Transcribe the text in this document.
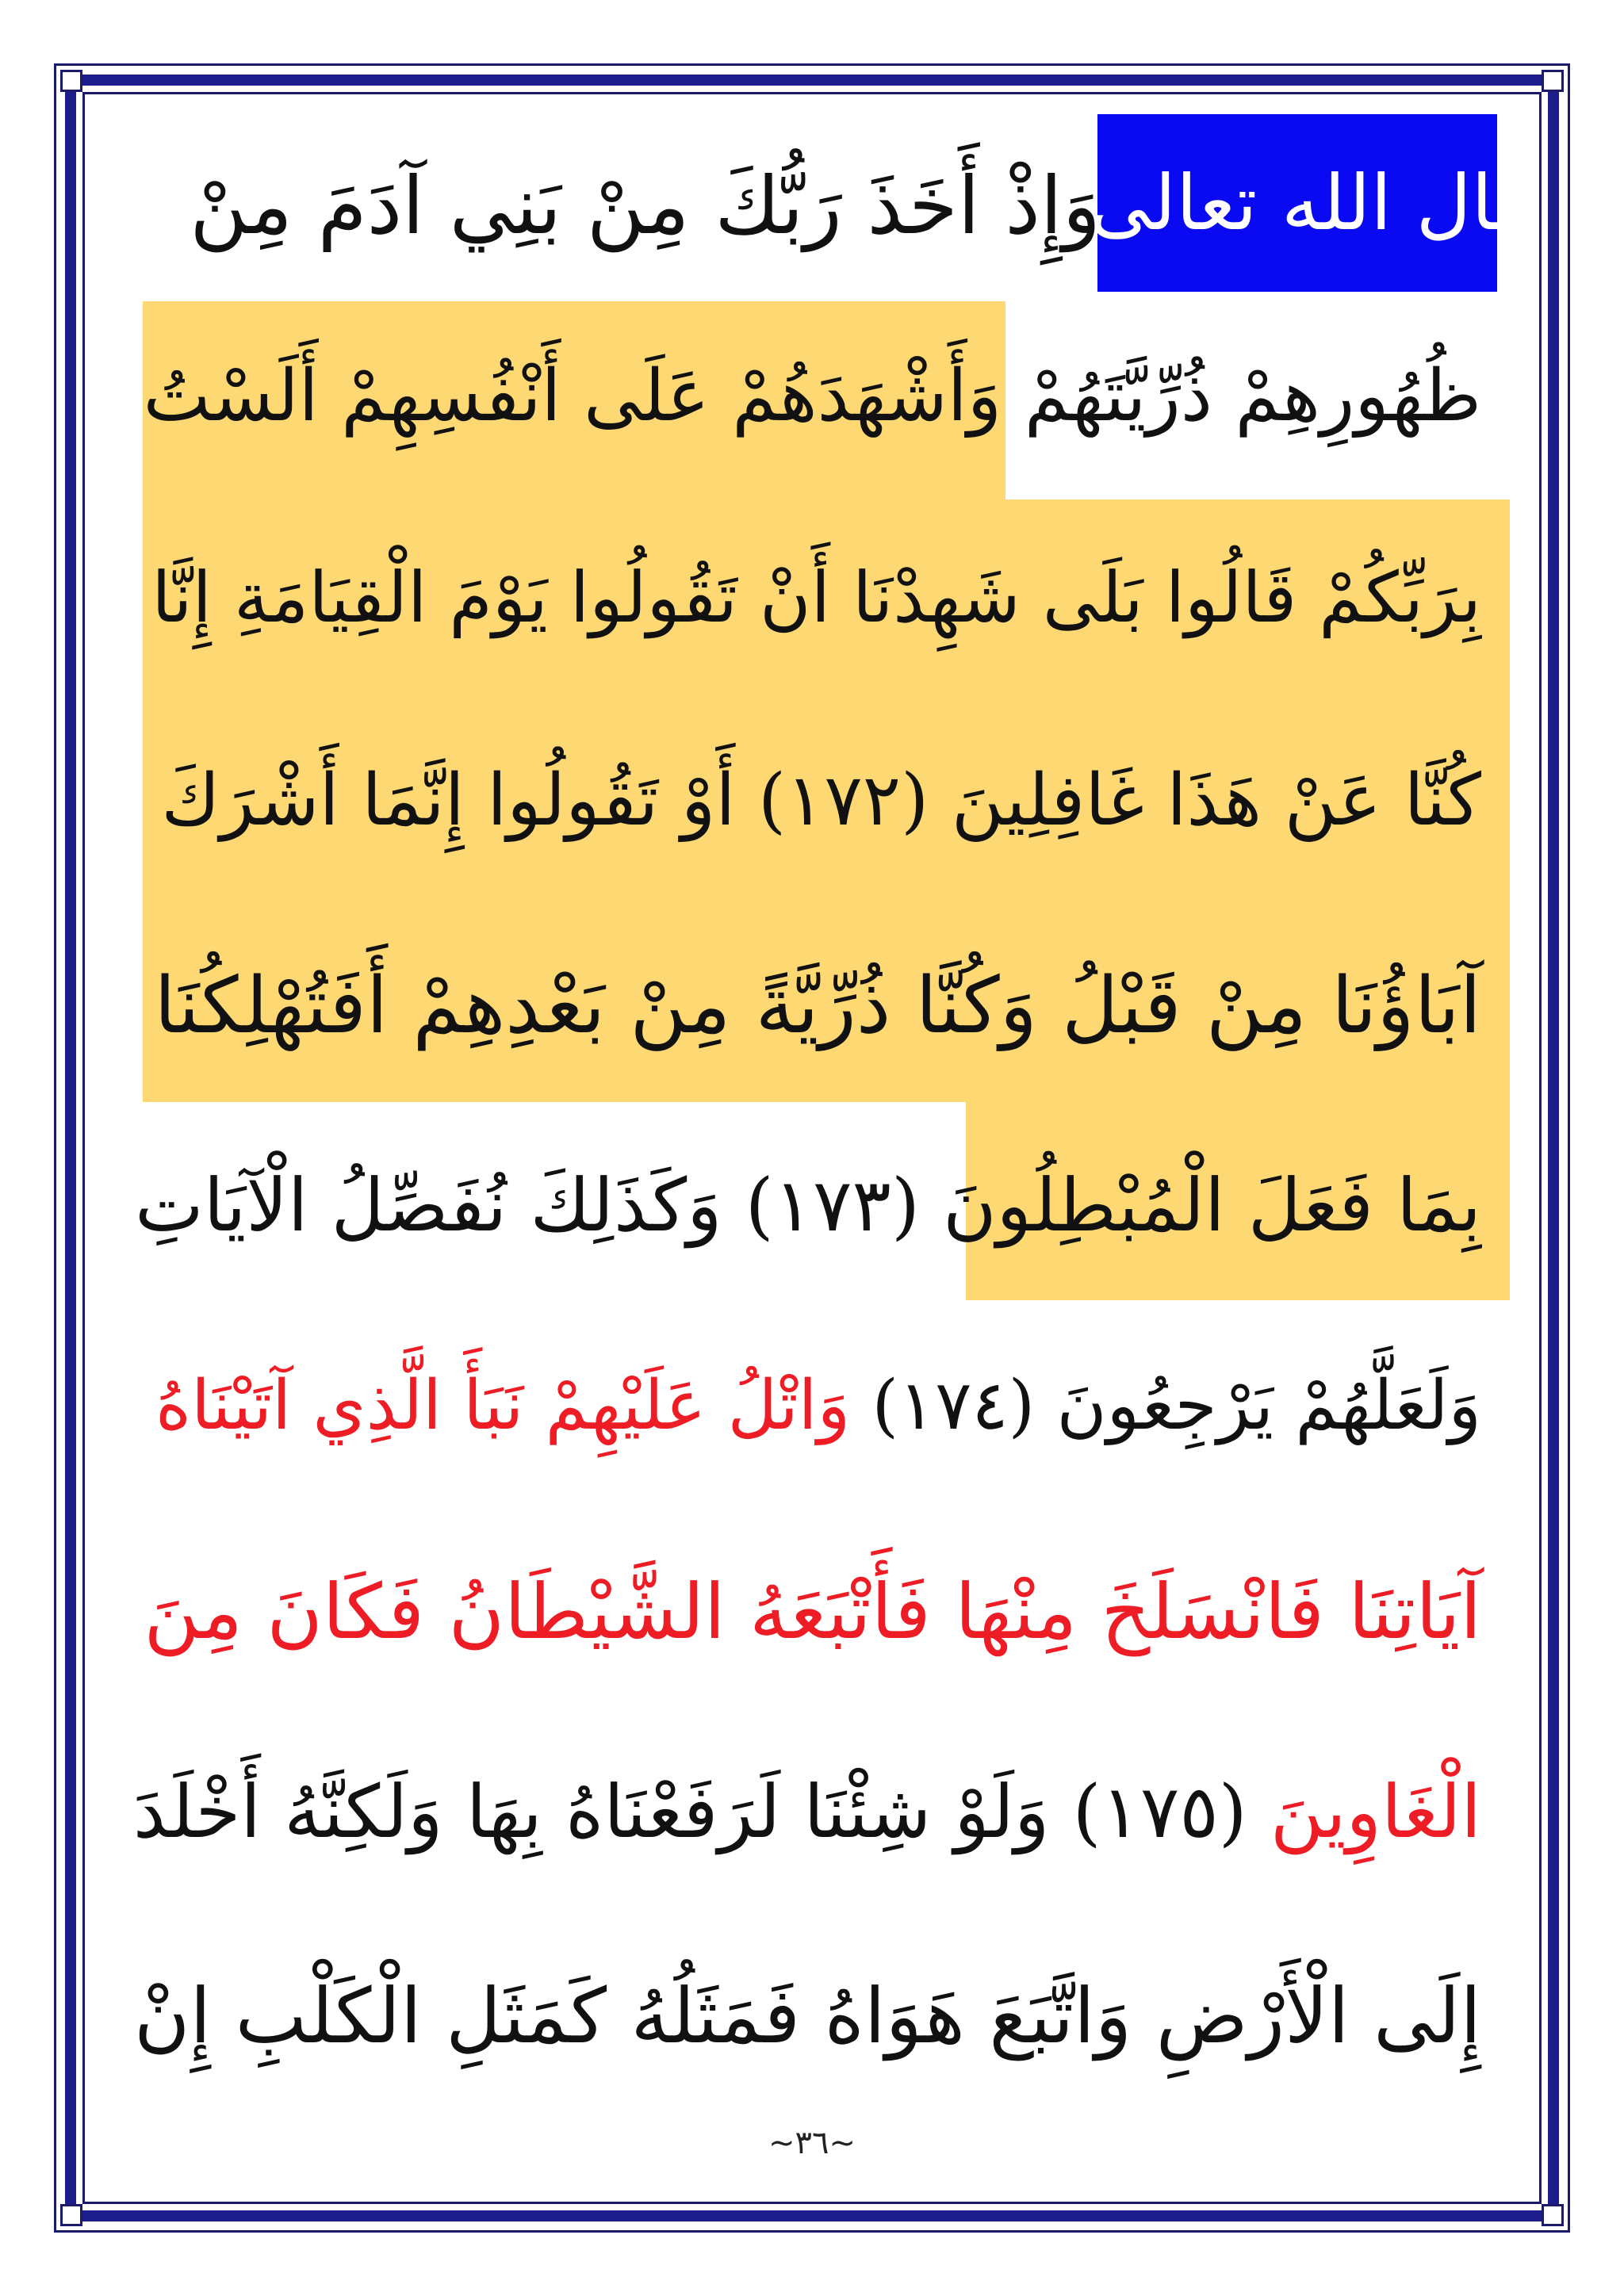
قال الله تعالى:
وَإِذْ أَخَذَ رَبُّكَ مِنْ بَنِي آدَمَ مِنْ
ظُهُورِهِمْ ذُرِّيَّتَهُمْ وَأَشْهَدَهُمْ عَلَى أَنْفُسِهِمْ أَلَسْتُ
بِرَبِّكُمْ قَالُوا بَلَى شَهِدْنَا أَنْ تَقُولُوا يَوْمَ الْقِيَامَةِ إِنَّا
كُنَّا عَنْ هَذَا غَافِلِينَ (١٧٢) أَوْ تَقُولُوا إِنَّمَا أَشْرَكَ
آبَاؤُنَا مِنْ قَبْلُ وَكُنَّا ذُرِّيَّةً مِنْ بَعْدِهِمْ أَفَتُهْلِكُنَا
بِمَا فَعَلَ الْمُبْطِلُونَ (١٧٣) وَكَذَلِكَ نُفَصِّلُ الْآيَاتِ
وَلَعَلَّهُمْ يَرْجِعُونَ (١٧٤) وَاتْلُ عَلَيْهِمْ نَبَأَ الَّذِي آتَيْنَاهُ
آيَاتِنَا فَانْسَلَخَ مِنْهَا فَأَتْبَعَهُ الشَّيْطَانُ فَكَانَ مِنَ
الْغَاوِينَ (١٧٥) وَلَوْ شِئْنَا لَرَفَعْنَاهُ بِهَا وَلَكِنَّهُ أَخْلَدَ
إِلَى الْأَرْضِ وَاتَّبَعَ هَوَاهُ فَمَثَلُهُ كَمَثَلِ الْكَلْبِ إِنْ
~٣٦~
